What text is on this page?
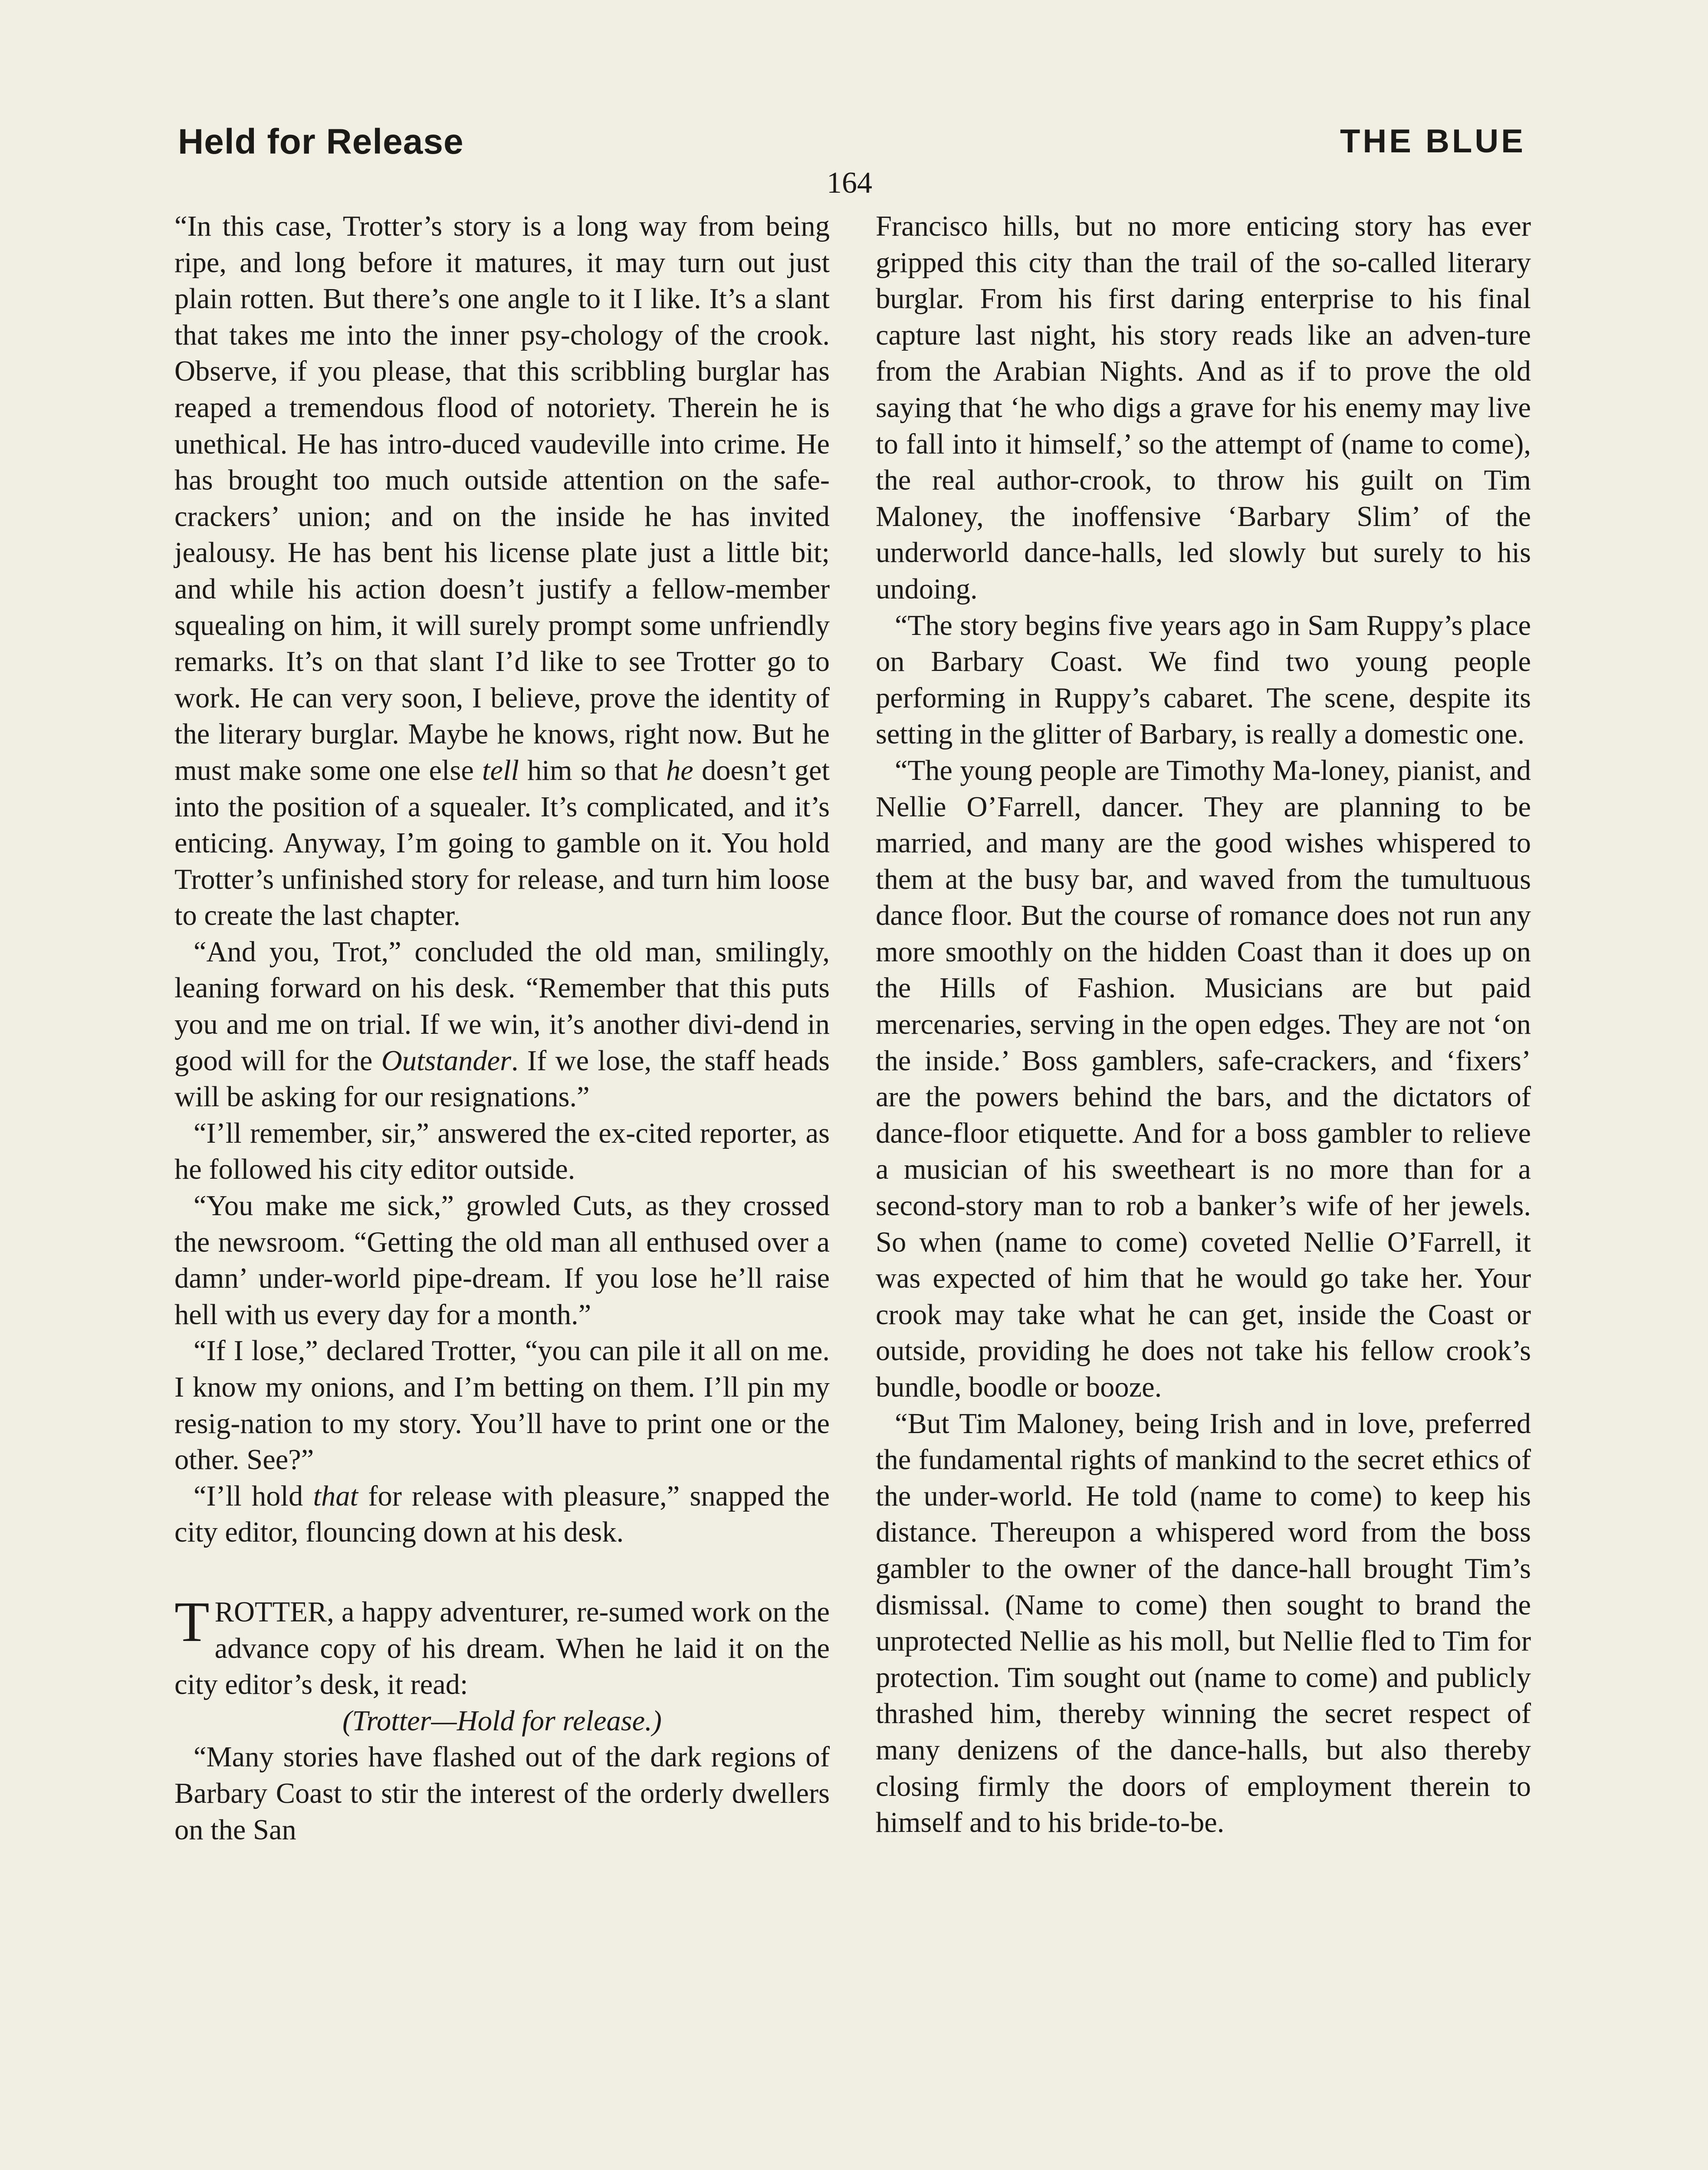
Held for Release	THE BLUE
164

“In this case, Trotter’s story is a long way from being ripe, and long before it matures, it may turn out just plain rotten. But there’s one angle to it I like. It’s a slant that takes me into the inner psy-chology of the crook. Observe, if you please, that this scribbling burglar has reaped a tremendous flood of notoriety. Therein he is unethical. He has intro-duced vaudeville into crime. He has brought too much outside attention on the safe-crackers’ union; and on the inside he has invited jealousy. He has bent his license plate just a little bit; and while his action doesn’t justify a fellow-member squealing on him, it will surely prompt some unfriendly remarks. It’s on that slant I’d like to see Trotter go to work. He can very soon, I believe, prove the identity of the literary burglar. Maybe he knows, right now. But he must make some one else tell him so that he doesn’t get into the position of a squealer. It’s complicated, and it’s enticing. Anyway, I’m going to gamble on it. You hold Trotter’s unfinished story for release, and turn him loose to create the last chapter.

“And you, Trot,” concluded the old man, smilingly, leaning forward on his desk. “Remember that this puts you and me on trial. If we win, it’s another divi-dend in good will for the Outstander. If we lose, the staff heads will be asking for our resignations.”

“I’ll remember, sir,” answered the ex-cited reporter, as he followed his city editor outside.

“You make me sick,” growled Cuts, as they crossed the newsroom. “Getting the old man all enthused over a damn’ under-world pipe-dream. If you lose he’ll raise hell with us every day for a month.”

“If I lose,” declared Trotter, “you can pile it all on me. I know my onions, and I’m betting on them. I’ll pin my resig-nation to my story. You’ll have to print one or the other. See?”

“I’ll hold that for release with pleasure,” snapped the city editor, flouncing down at his desk.

TROTTER, a happy adventurer, re-sumed work on the advance copy of his dream. When he laid it on the city editor’s desk, it read:

(Trotter—Hold for release.)

“Many stories have flashed out of the dark regions of Barbary Coast to stir the interest of the orderly dwellers on the San

Francisco hills, but no more enticing story has ever gripped this city than the trail of the so-called literary burglar. From his first daring enterprise to his final capture last night, his story reads like an adven-ture from the Arabian Nights. And as if to prove the old saying that ‘he who digs a grave for his enemy may live to fall into it himself,’ so the attempt of (name to come), the real author-crook, to throw his guilt on Tim Maloney, the inoffensive ‘Barbary Slim’ of the underworld dance-halls, led slowly but surely to his undoing.

“The story begins five years ago in Sam Ruppy’s place on Barbary Coast. We find two young people performing in Ruppy’s cabaret. The scene, despite its setting in the glitter of Barbary, is really a domestic one.

“The young people are Timothy Ma-loney, pianist, and Nellie O’Farrell, dancer. They are planning to be married, and many are the good wishes whispered to them at the busy bar, and waved from the tumultuous dance floor. But the course of romance does not run any more smoothly on the hidden Coast than it does up on the Hills of Fashion. Musicians are but paid mercenaries, serving in the open edges. They are not ‘on the inside.’ Boss gamblers, safe-crackers, and ‘fixers’ are the powers behind the bars, and the dictators of dance-floor etiquette. And for a boss gambler to relieve a musician of his sweetheart is no more than for a second-story man to rob a banker’s wife of her jewels. So when (name to come) coveted Nellie O’Farrell, it was expected of him that he would go take her. Your crook may take what he can get, inside the Coast or outside, providing he does not take his fellow crook’s bundle, boodle or booze.

“But Tim Maloney, being Irish and in love, preferred the fundamental rights of mankind to the secret ethics of the under-world. He told (name to come) to keep his distance. Thereupon a whispered word from the boss gambler to the owner of the dance-hall brought Tim’s dismissal. (Name to come) then sought to brand the unprotected Nellie as his moll, but Nellie fled to Tim for protection. Tim sought out (name to come) and publicly thrashed him, thereby winning the secret respect of many denizens of the dance-halls, but also thereby closing firmly the doors of employment therein to himself and to his bride-to-be.
